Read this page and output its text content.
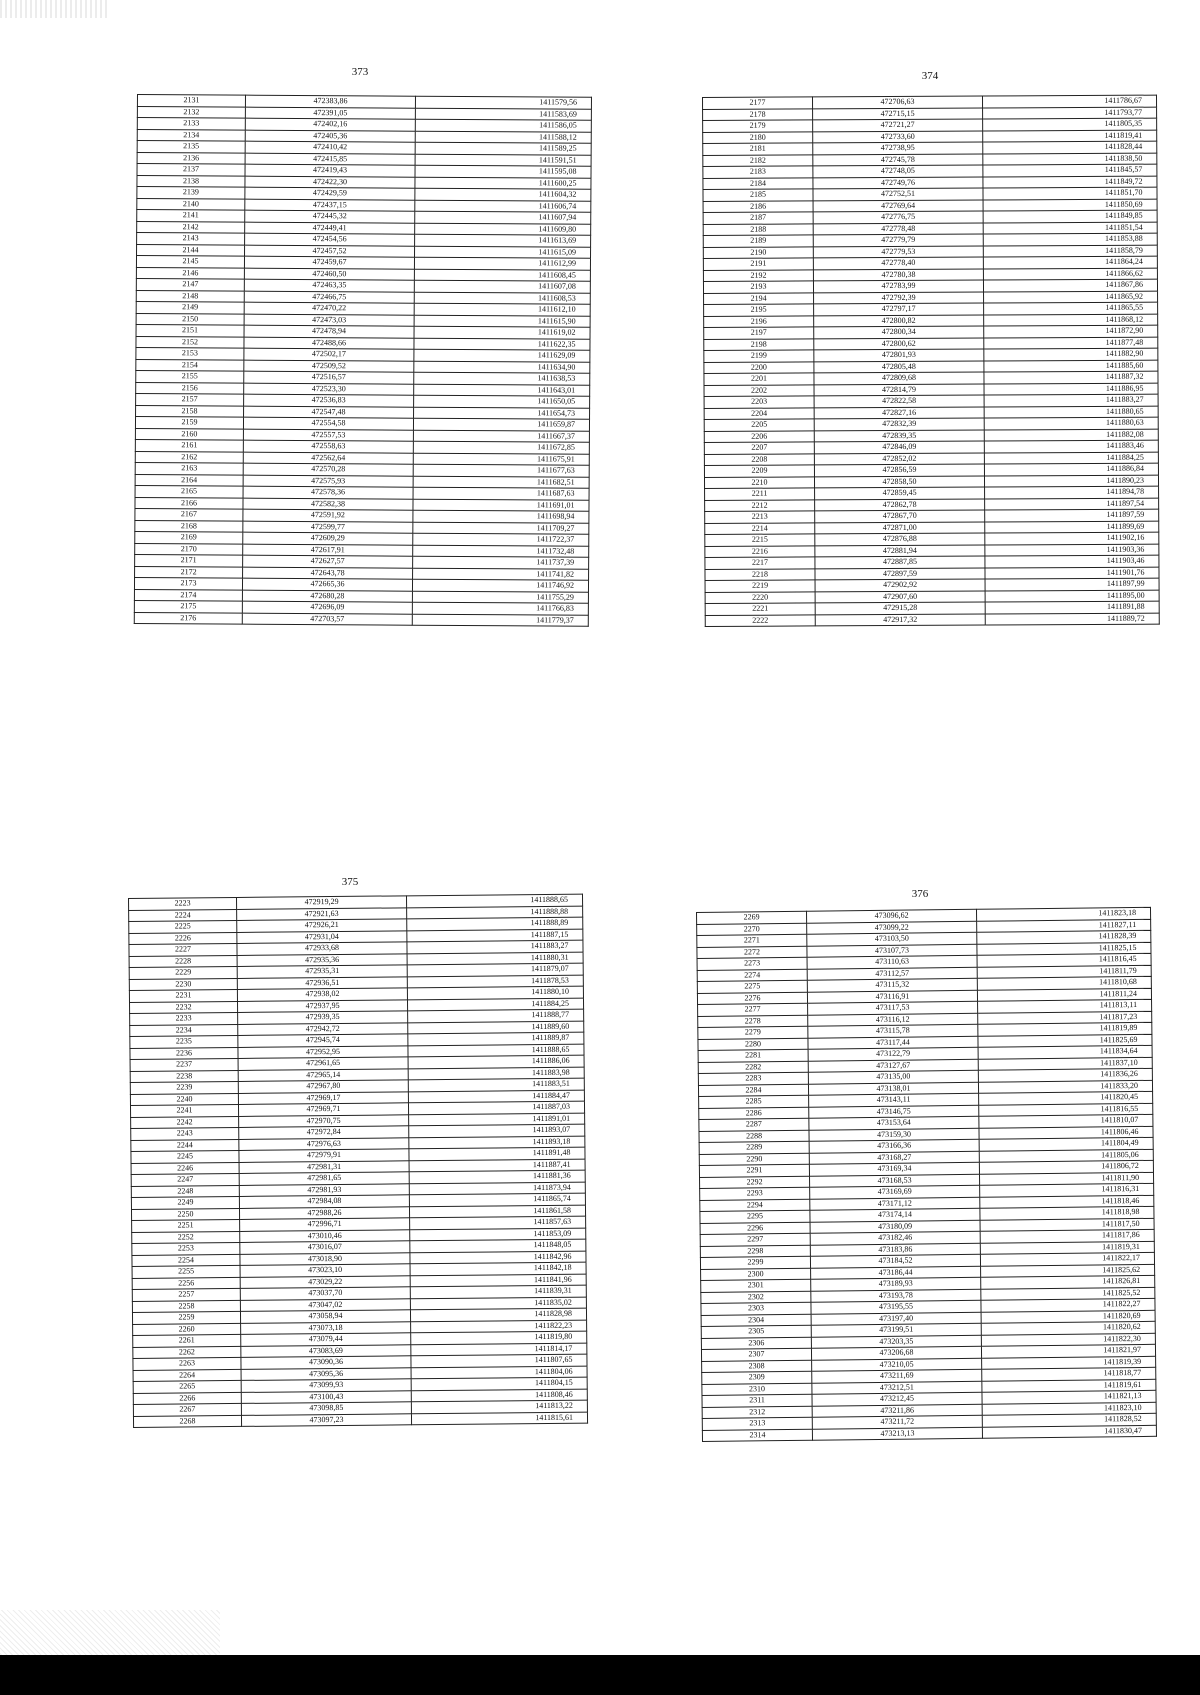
373
2131	472383,86	1411579,56
2132	472391,05	1411583,69
2133	472402,16	1411586,05
2134	472405,36	1411588,12
2135	472410,42	1411589,25
2136	472415,85	1411591,51
2137	472419,43	1411595,08
2138	472422,30	1411600,25
2139	472429,59	1411604,32
2140	472437,15	1411606,74
2141	472445,32	1411607,94
2142	472449,41	1411609,80
2143	472454,56	1411613,69
2144	472457,52	1411615,09
2145	472459,67	1411612,99
2146	472460,50	1411608,45
2147	472463,35	1411607,08
2148	472466,75	1411608,53
2149	472470,22	1411612,10
2150	472473,03	1411615,90
2151	472478,94	1411619,02
2152	472488,66	1411622,35
2153	472502,17	1411629,09
2154	472509,52	1411634,90
2155	472516,57	1411638,53
2156	472523,30	1411643,01
2157	472536,83	1411650,05
2158	472547,48	1411654,73
2159	472554,58	1411659,87
2160	472557,53	1411667,37
2161	472558,63	1411672,85
2162	472562,64	1411675,91
2163	472570,28	1411677,63
2164	472575,93	1411682,51
2165	472578,36	1411687,63
2166	472582,38	1411691,01
2167	472591,92	1411698,94
2168	472599,77	1411709,27
2169	472609,29	1411722,37
2170	472617,91	1411732,48
2171	472627,57	1411737,39
2172	472643,78	1411741,82
2173	472665,36	1411746,92
2174	472680,28	1411755,29
2175	472696,09	1411766,83
2176	472703,57	1411779,37
374
2177	472706,63	1411786,67
2178	472715,15	1411793,77
2179	472721,27	1411805,35
2180	472733,60	1411819,41
2181	472738,95	1411828,44
2182	472745,78	1411838,50
2183	472748,05	1411845,57
2184	472749,76	1411849,72
2185	472752,51	1411851,70
2186	472769,64	1411850,69
2187	472776,75	1411849,85
2188	472778,48	1411851,54
2189	472779,79	1411853,88
2190	472779,53	1411858,79
2191	472778,40	1411864,24
2192	472780,38	1411866,62
2193	472783,99	1411867,86
2194	472792,39	1411865,92
2195	472797,17	1411865,55
2196	472800,82	1411868,12
2197	472800,34	1411872,90
2198	472800,62	1411877,48
2199	472801,93	1411882,90
2200	472805,48	1411885,60
2201	472809,68	1411887,32
2202	472814,79	1411886,95
2203	472822,58	1411883,27
2204	472827,16	1411880,65
2205	472832,39	1411880,63
2206	472839,35	1411882,08
2207	472846,09	1411883,46
2208	472852,02	1411884,25
2209	472856,59	1411886,84
2210	472858,50	1411890,23
2211	472859,45	1411894,78
2212	472862,78	1411897,54
2213	472867,70	1411897,59
2214	472871,00	1411899,69
2215	472876,88	1411902,16
2216	472881,94	1411903,36
2217	472887,85	1411903,46
2218	472897,59	1411901,76
2219	472902,92	1411897,99
2220	472907,60	1411895,00
2221	472915,28	1411891,88
2222	472917,32	1411889,72
375
2223	472919,29	1411888,65
2224	472921,63	1411888,88
2225	472926,21	1411888,89
2226	472931,04	1411887,15
2227	472933,68	1411883,27
2228	472935,36	1411880,31
2229	472935,31	1411879,07
2230	472936,51	1411878,53
2231	472938,02	1411880,10
2232	472937,95	1411884,25
2233	472939,35	1411888,77
2234	472942,72	1411889,60
2235	472945,74	1411889,87
2236	472952,95	1411888,65
2237	472961,65	1411886,06
2238	472965,14	1411883,98
2239	472967,80	1411883,51
2240	472969,17	1411884,47
2241	472969,71	1411887,03
2242	472970,75	1411891,01
2243	472972,84	1411893,07
2244	472976,63	1411893,18
2245	472979,91	1411891,48
2246	472981,31	1411887,41
2247	472981,65	1411881,36
2248	472981,93	1411873,94
2249	472984,08	1411865,74
2250	472988,26	1411861,58
2251	472996,71	1411857,63
2252	473010,46	1411853,09
2253	473016,07	1411848,05
2254	473018,90	1411842,96
2255	473023,10	1411842,18
2256	473029,22	1411841,96
2257	473037,70	1411839,31
2258	473047,02	1411835,02
2259	473058,94	1411828,98
2260	473073,18	1411822,23
2261	473079,44	1411819,80
2262	473083,69	1411814,17
2263	473090,36	1411807,65
2264	473095,36	1411804,06
2265	473099,93	1411804,15
2266	473100,43	1411808,46
2267	473098,85	1411813,22
2268	473097,23	1411815,61
376
2269	473096,62	1411823,18
2270	473099,22	1411827,11
2271	473103,50	1411828,39
2272	473107,73	1411825,15
2273	473110,63	1411816,45
2274	473112,57	1411811,79
2275	473115,32	1411810,68
2276	473116,91	1411811,24
2277	473117,53	1411813,11
2278	473116,12	1411817,23
2279	473115,78	1411819,89
2280	473117,44	1411825,69
2281	473122,79	1411834,64
2282	473127,67	1411837,10
2283	473135,00	1411836,26
2284	473138,01	1411833,20
2285	473143,11	1411820,45
2286	473146,75	1411816,55
2287	473153,64	1411810,07
2288	473159,30	1411806,46
2289	473166,36	1411804,49
2290	473168,27	1411805,06
2291	473169,34	1411806,72
2292	473168,53	1411811,90
2293	473169,69	1411816,31
2294	473171,12	1411818,46
2295	473174,14	1411818,98
2296	473180,09	1411817,50
2297	473182,46	1411817,86
2298	473183,86	1411819,31
2299	473184,52	1411822,17
2300	473186,44	1411825,62
2301	473189,93	1411826,81
2302	473193,78	1411825,52
2303	473195,55	1411822,27
2304	473197,40	1411820,69
2305	473199,51	1411820,62
2306	473203,35	1411822,30
2307	473206,68	1411821,97
2308	473210,05	1411819,39
2309	473211,69	1411818,77
2310	473212,51	1411819,61
2311	473212,45	1411821,13
2312	473211,86	1411823,10
2313	473211,72	1411828,52
2314	473213,13	1411830,47
